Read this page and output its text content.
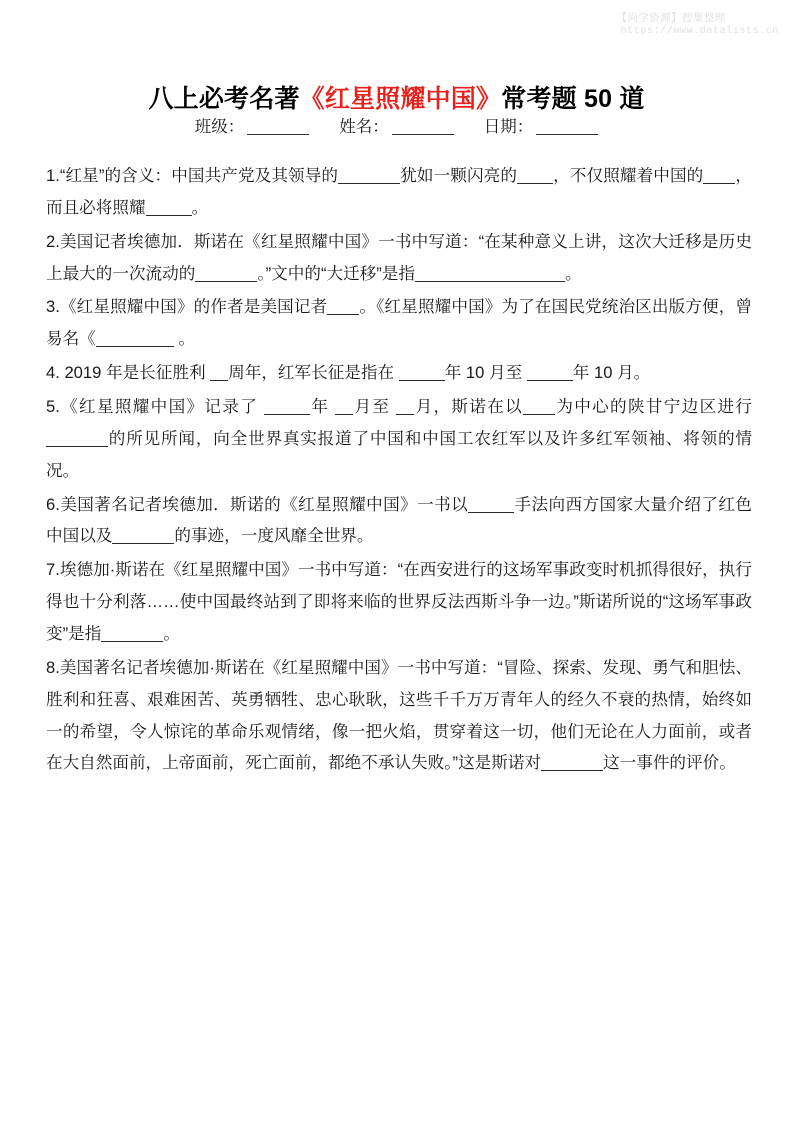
【尚学资源】搜集整理
https://www.datalists.cn
八上必考名著《红星照耀中国》常考题 50 道
班级：	姓名：	日期：

1.“红星”的含义：中国共产党及其领导的	犹如一颗闪亮的 ，不仅照耀着中国的 ，而且必将照耀	。

2.美国记者埃德加．斯诺在《红星照耀中国》一书中写道：“在某种意义上讲，这次大迁移是历史上最大的一次流动的	。”文中的“大迁移”是指	。

3.《红星照耀中国》的作者是美国记者 。《红星照耀中国》为了在国民党统治区出版方便，曾易名《	。

4. 2019 年是长征胜利 周年，红军长征是指在	年 10 月至	年 10 月。

5.《红星照耀中国》记录了	年 月至 月，斯诺在以 为中心的陕甘宁边区进行的所见所闻，向全世界真实报道了中国和中国工农红军以及许多红军领袖、将领的情况。

6.美国著名记者埃德加．斯诺的《红星照耀中国》一书以	手法向西方国家大量介绍了红色中国以及	的事迹，一度风靡全世界。

7.埃德加·斯诺在《红星照耀中国》一书中写道：“在西安进行的这场军事政变时机抓得很好，执行得也十分利落……使中国最终站到了即将来临的世界反法西斯斗争一边。”斯诺所说的“这场军事政变”是指	。

8.美国著名记者埃德加·斯诺在《红星照耀中国》一书中写道：“冒险、探索、发现、勇气和胆怯、胜利和狂喜、艰难困苦、英勇牺牲、忠心耿耿，这些千千万万青年人的经久不衰的热情，始终如一的希望，令人惊诧的革命乐观情绪，像一把火焰，贯穿着这一切，他们无论在人力面前，或者在大自然面前，上帝面前，死亡面前，都绝不承认失败。”这是斯诺对	这一事件的评价。
